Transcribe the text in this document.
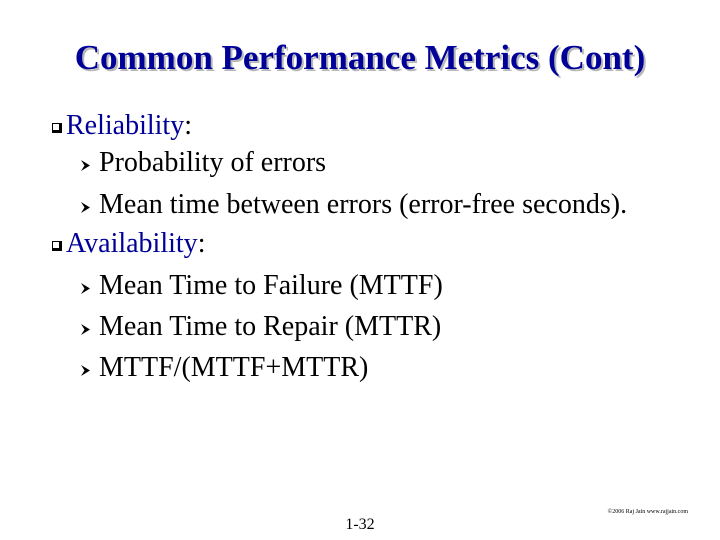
Common Performance Metrics (Cont)
Reliability:
Probability of errors
Mean time between errors (error-free seconds).
Availability:
Mean Time to Failure (MTTF)
Mean Time to Repair (MTTR)
MTTF/(MTTF+MTTR)
©2006 Raj Jain www.rajjain.com
1-32
